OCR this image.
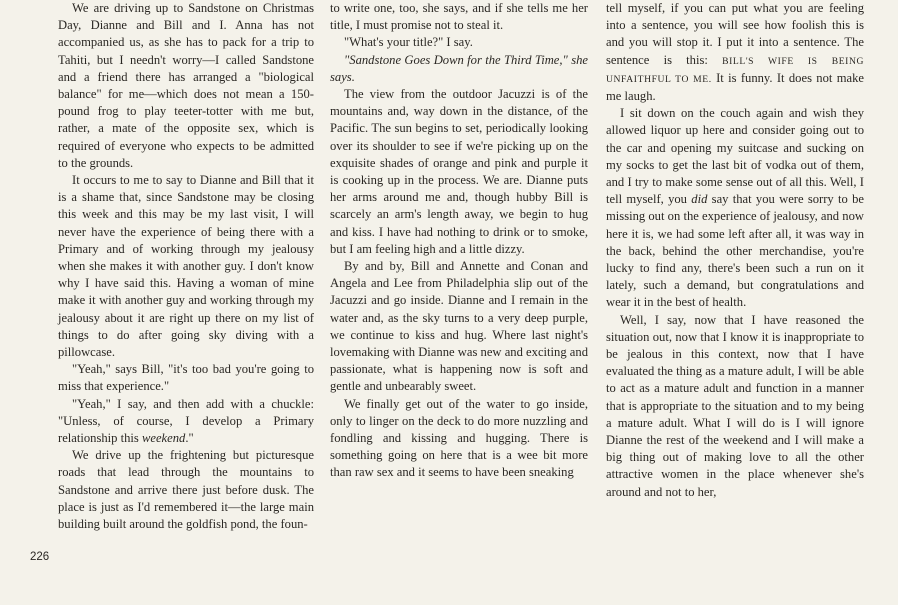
We are driving up to Sandstone on Christmas Day, Dianne and Bill and I. Anna has not accompanied us, as she has to pack for a trip to Tahiti, but I needn't worry—I called Sandstone and a friend there has arranged a "biological balance" for me—which does not mean a 150-pound frog to play teeter-totter with me but, rather, a mate of the opposite sex, which is required of everyone who expects to be admitted to the grounds.

It occurs to me to say to Dianne and Bill that it is a shame that, since Sandstone may be closing this week and this may be my last visit, I will never have the experience of being there with a Primary and of working through my jealousy when she makes it with another guy. I don't know why I have said this. Having a woman of mine make it with another guy and working through my jealousy about it are right up there on my list of things to do after going sky diving with a pillowcase.

"Yeah," says Bill, "it's too bad you're going to miss that experience."

"Yeah," I say, and then add with a chuckle: "Unless, of course, I develop a Primary relationship this weekend."

We drive up the frightening but picturesque roads that lead through the mountains to Sandstone and arrive there just before dusk. The place is just as I'd remembered it—the large main building built around the goldfish pond, the foun-

to write one, too, she says, and if she tells me her title, I must promise not to steal it.

"What's your title?" I say.

"Sandstone Goes Down for the Third Time," she says.

The view from the outdoor Jacuzzi is of the mountains and, way down in the distance, of the Pacific. The sun begins to set, periodically looking over its shoulder to see if we're picking up on the exquisite shades of orange and pink and purple it is cooking up in the process. We are. Dianne puts her arms around me and, though hubby Bill is scarcely an arm's length away, we begin to hug and kiss. I have had nothing to drink or to smoke, but I am feeling high and a little dizzy.

By and by, Bill and Annette and Conan and Angela and Lee from Philadelphia slip out of the Jacuzzi and go inside. Dianne and I remain in the water and, as the sky turns to a very deep purple, we continue to kiss and hug. Where last night's lovemaking with Dianne was new and exciting and passionate, what is happening now is soft and gentle and unbearably sweet.

We finally get out of the water to go inside, only to linger on the deck to do more nuzzling and fondling and kissing and hugging. There is something going on here that is a wee bit more than raw sex and it seems to have been sneaking

tell myself, if you can put what you are feeling into a sentence, you will see how foolish this is and you will stop it. I put it into a sentence. The sentence is this: BILL'S WIFE IS BEING UNFAITHFUL TO ME. It is funny. It does not make me laugh.

I sit down on the couch again and wish they allowed liquor up here and consider going out to the car and opening my suitcase and sucking on my socks to get the last bit of vodka out of them, and I try to make some sense out of all this. Well, I tell myself, you did say that you were sorry to be missing out on the experience of jealousy, and now here it is, we had some left after all, it was way in the back, behind the other merchandise, you're lucky to find any, there's been such a run on it lately, such a demand, but congratulations and wear it in the best of health.

Well, I say, now that I have reasoned the situation out, now that I know it is inappropriate to be jealous in this context, now that I have evaluated the thing as a mature adult, I will be able to act as a mature adult and function in a manner that is appropriate to the situation and to my being a mature adult. What I will do is I will ignore Dianne the rest of the weekend and I will make a big thing out of making love to all the other attractive women in the place whenever she's around and not to her,

226
